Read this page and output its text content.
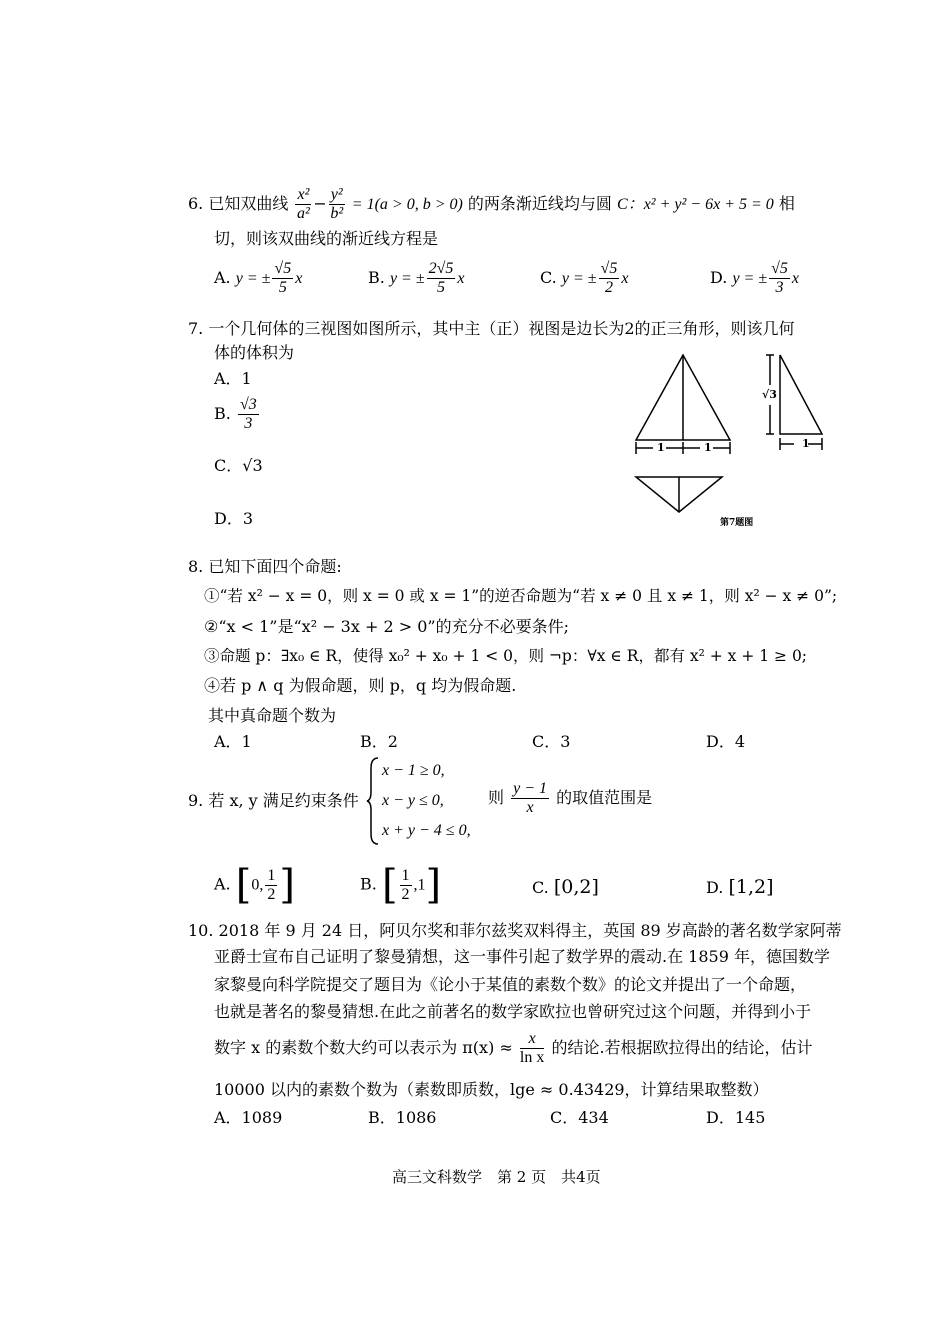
6. 已知双曲线 $\frac{\text{x²}}{\text{a²}} - \frac{\text{y²}}{\text{b²}} = 1(a > 0$, b > 0) 的两条渐近线均与圆 C：x² + y² − 6x + 5 = 0 相
切，则该双曲线的渐近线方程是
A. y = ± $\frac{√5}{5}$ x	B. y = ± $\frac{2√5}{5}$ x	C. y = ± $\frac{√5}{2}$ x	D. y = ± $\frac{√5}{3}$ x
7. 一个几何体的三视图如图所示，其中主（正）视图是边长为2的正三角形，则该几何
体的体积为
A．1
B. $\frac{√3}{3}$
C．√3
D．3
1	1	1
√3
第7题图
8. 已知下面四个命题:
①“若 x² − x = 0，则 x = 0 或 x = 1”的逆否命题为“若 x ≠ 0 且 x ≠ 1，则 x² − x ≠ 0”;
②“x < 1”是“x² − 3x + 2 > 0”的充分不必要条件;
③命题 p：∃x₀ ∈ R，使得 x₀² + x₀ + 1 < 0，则 ¬p：∀x ∈ R，都有 x² + x + 1 ≥ 0;
④若 p ∧ q 为假命题，则 p，q 均为假命题.
其中真命题个数为
A．1	B．2	C．3	D．4
9. 若 x, y 满足约束条件
x − 1 ≥ 0,
x − y ≤ 0,
x + y − 4 ≤ 0,
则 $\frac{y - 1}{x}$ 的取值范围是
A. [0, $\frac{1}{2}$ ]	B. [ $\frac{1}{2} ,1$]	C. [0,2]	D. [1,2]
10. 2018 年 9 月 24 日，阿贝尔奖和菲尔兹奖双料得主，英国 89 岁高龄的著名数学家阿蒂
亚爵士宣布自己证明了黎曼猜想，这一事件引起了数学界的震动.在 1859 年，德国数学
家黎曼向科学院提交了题目为《论小于某值的素数个数》的论文并提出了一个命题，
也就是著名的黎曼猜想.在此之前著名的数学家欧拉也曾研究过这个问题，并得到小于
数字 x 的素数个数大约可以表示为 $\pi(x) \approx \frac{x}{\text{ln x}}$ 的结论.若根据欧拉得出的结论，估计
10000 以内的素数个数为（素数即质数，lge ≈ 0.43429，计算结果取整数）
A．1089	B．1086	C．434	D．145
高三文科数学　第 2 页　共4页
